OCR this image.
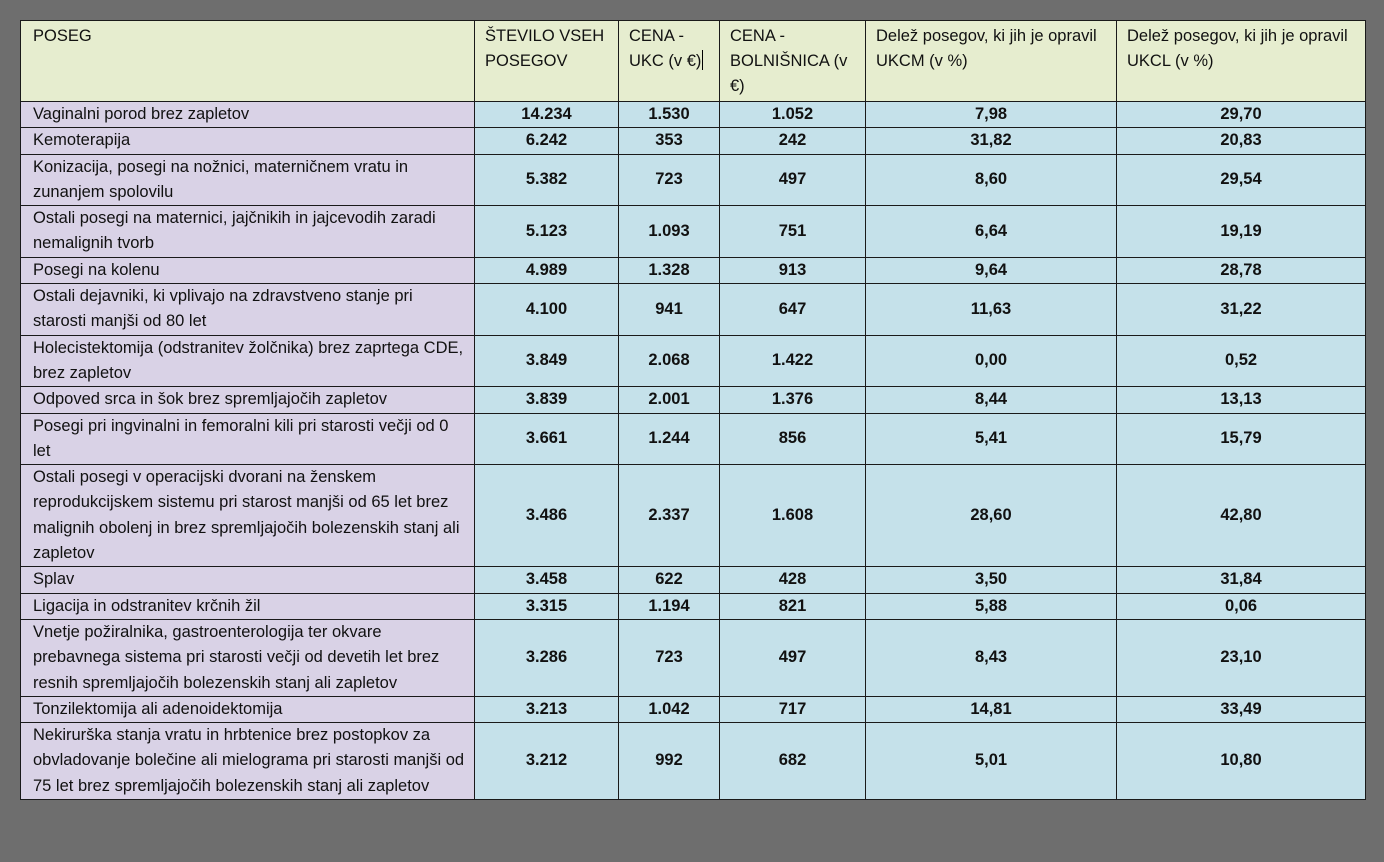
POSEG	ŠTEVILO VSEH POSEGOV	CENA - UKC (v €)	CENA - BOLNIŠNICA (v €)	Delež posegov, ki jih je opravil UKCM (v %)	Delež posegov, ki jih je opravil UKCL (v %)
Vaginalni porod brez zapletov	14.234	1.530	1.052	7,98	29,70
Kemoterapija	6.242	353	242	31,82	20,83
Konizacija, posegi na nožnici, materničnem vratu in zunanjem spolovilu	5.382	723	497	8,60	29,54
Ostali posegi na maternici, jajčnikih in jajcevodih zaradi nemalignih tvorb	5.123	1.093	751	6,64	19,19
Posegi na kolenu	4.989	1.328	913	9,64	28,78
Ostali dejavniki, ki vplivajo na zdravstveno stanje pri starosti manjši od 80 let	4.100	941	647	11,63	31,22
Holecistektomija (odstranitev žolčnika) brez zaprtega CDE, brez zapletov	3.849	2.068	1.422	0,00	0,52
Odpoved srca in šok brez spremljajočih zapletov	3.839	2.001	1.376	8,44	13,13
Posegi pri ingvinalni in femoralni kili pri starosti večji od 0 let	3.661	1.244	856	5,41	15,79
Ostali posegi v operacijski dvorani na ženskem reprodukcijskem sistemu pri starost manjši od 65 let brez malignih obolenj in brez spremljajočih bolezenskih stanj ali zapletov	3.486	2.337	1.608	28,60	42,80
Splav	3.458	622	428	3,50	31,84
Ligacija in odstranitev krčnih žil	3.315	1.194	821	5,88	0,06
Vnetje požiralnika, gastroenterologija ter okvare prebavnega sistema pri starosti večji od devetih let brez resnih spremljajočih bolezenskih stanj ali zapletov	3.286	723	497	8,43	23,10
Tonzilektomija ali adenoidektomija	3.213	1.042	717	14,81	33,49
Nekirurška stanja vratu in hrbtenice brez postopkov za obvladovanje bolečine ali mielograma pri starosti manjši od 75 let brez spremljajočih bolezenskih stanj ali zapletov	3.212	992	682	5,01	10,80
